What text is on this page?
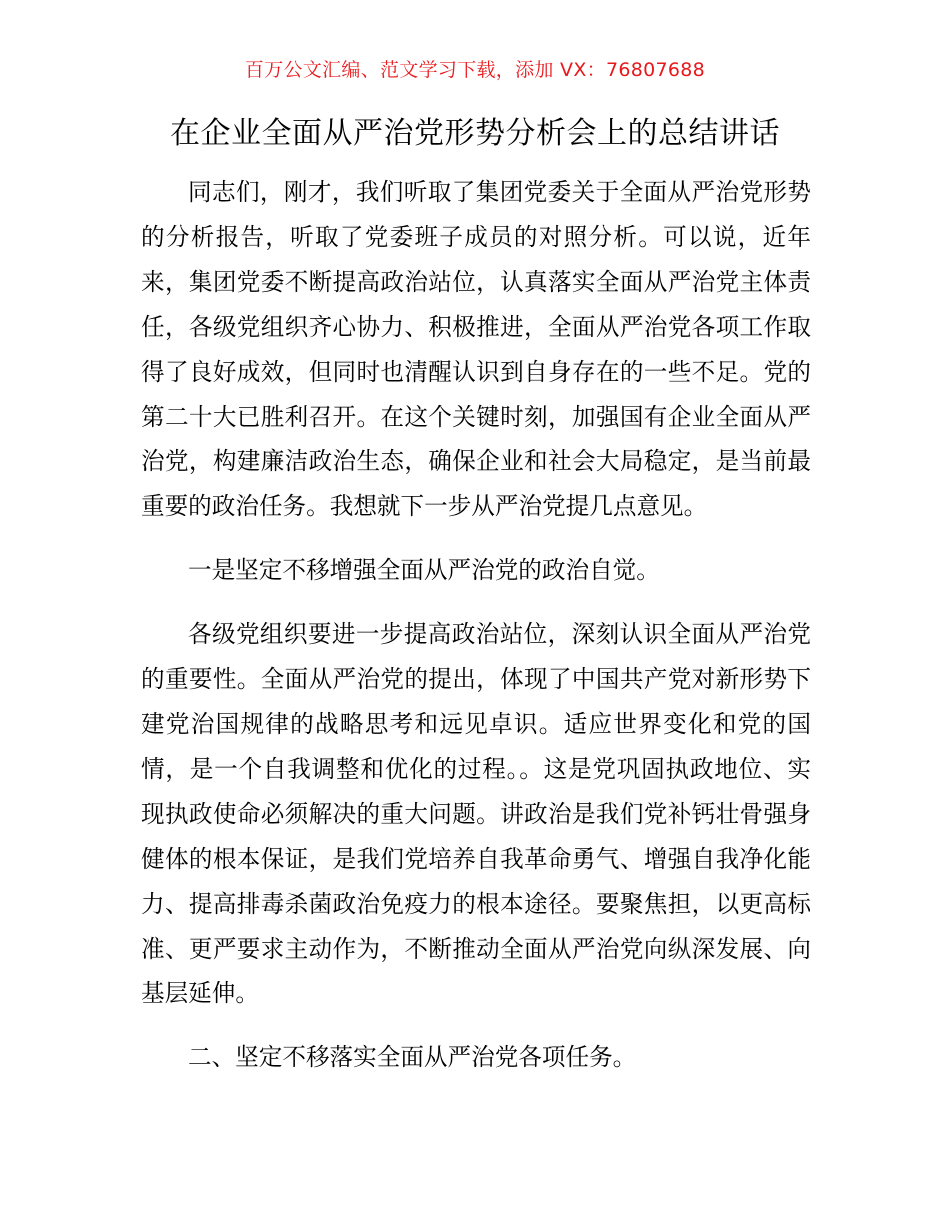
百万公文汇编、范文学习下载，添加 VX：76807688
在企业全面从严治党形势分析会上的总结讲话

同志们，刚才，我们听取了集团党委关于全面从严治党形势的分析报告，听取了党委班子成员的对照分析。可以说，近年来，集团党委不断提高政治站位，认真落实全面从严治党主体责任，各级党组织齐心协力、积极推进，全面从严治党各项工作取得了良好成效，但同时也清醒认识到自身存在的一些不足。党的第二十大已胜利召开。在这个关键时刻，加强国有企业全面从严治党，构建廉洁政治生态，确保企业和社会大局稳定，是当前最重要的政治任务。我想就下一步从严治党提几点意见。

一是坚定不移增强全面从严治党的政治自觉。

各级党组织要进一步提高政治站位，深刻认识全面从严治党的重要性。全面从严治党的提出，体现了中国共产党对新形势下建党治国规律的战略思考和远见卓识。适应世界变化和党的国情，是一个自我调整和优化的过程。。这是党巩固执政地位、实现执政使命必须解决的重大问题。讲政治是我们党补钙壮骨强身健体的根本保证，是我们党培养自我革命勇气、增强自我净化能力、提高排毒杀菌政治免疫力的根本途径。要聚焦担，以更高标准、更严要求主动作为，不断推动全面从严治党向纵深发展、向基层延伸。

二、坚定不移落实全面从严治党各项任务。
